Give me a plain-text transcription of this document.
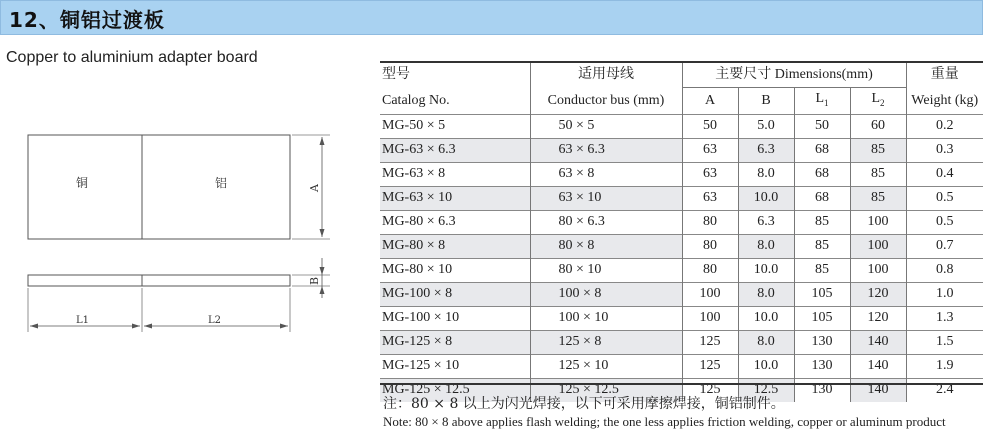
12、铜铝过渡板
Copper to aluminium adapter board
铜	铝	A
B
L1	L2
型号	适用母线	主要尺寸 Dimensions(mm)				重量
Catalog No.	Conductor bus (mm)	A	B	$L_1$	$L_2$	Weight (kg)
MG-50 × 5	50 × 5	50	5.0	50	60	0.2
MG-63 × 6.3	63 × 6.3	63	6.3	68	85	0.3
MG-63 × 8	63 × 8	63	8.0	68	85	0.4
MG-63 × 10	63 × 10	63	10.0	68	85	0.5
MG-80 × 6.3	80 × 6.3	80	6.3	85	100	0.5
MG-80 × 8	80 × 8	80	8.0	85	100	0.7
MG-80 × 10	80 × 10	80	10.0	85	100	0.8
MG-100 × 8	100 × 8	100	8.0	105	120	1.0
MG-100 × 10	100 × 10	100	10.0	105	120	1.3
MG-125 × 8	125 × 8	125	8.0	130	140	1.5
MG-125 × 10	125 × 10	125	10.0	130	140	1.9
MG-125 × 12.5	125 × 12.5	125	12.5	130	140	2.4
注：80 × 8 以上为闪光焊接，以下可采用摩擦焊接，铜铝制件。
Note: 80 × 8 above applies flash welding; the one less applies friction welding, copper or aluminum product
